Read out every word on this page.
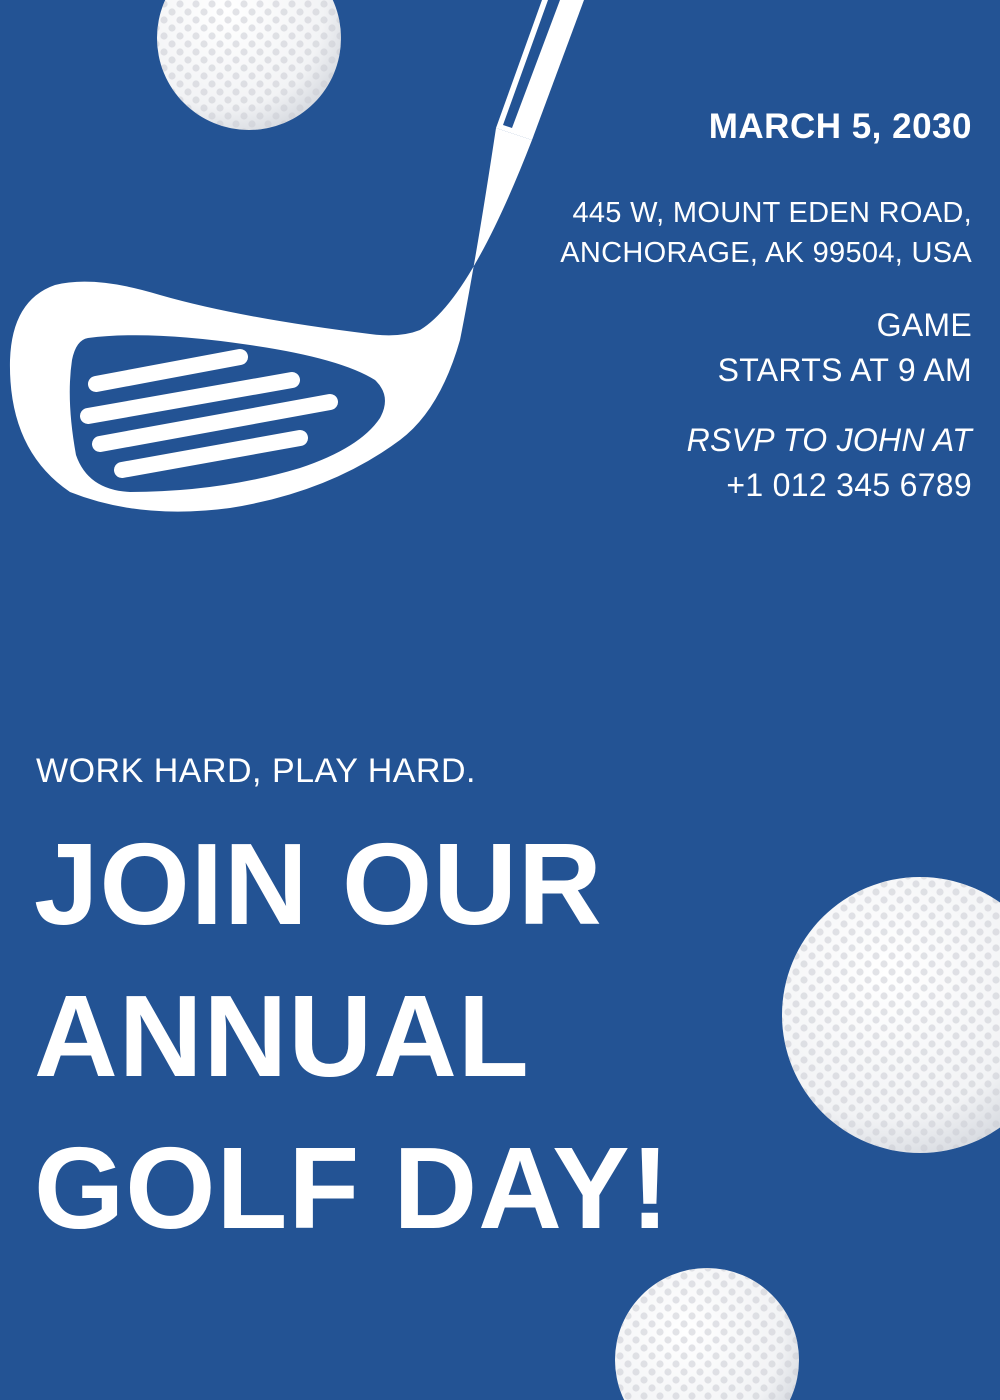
MARCH 5, 2030

445 W, MOUNT EDEN ROAD,
ANCHORAGE, AK 99504, USA

GAME
STARTS AT 9 AM

RSVP TO JOHN AT
+1 012 345 6789

WORK HARD, PLAY HARD.

JOIN OUR
ANNUAL
GOLF DAY!
